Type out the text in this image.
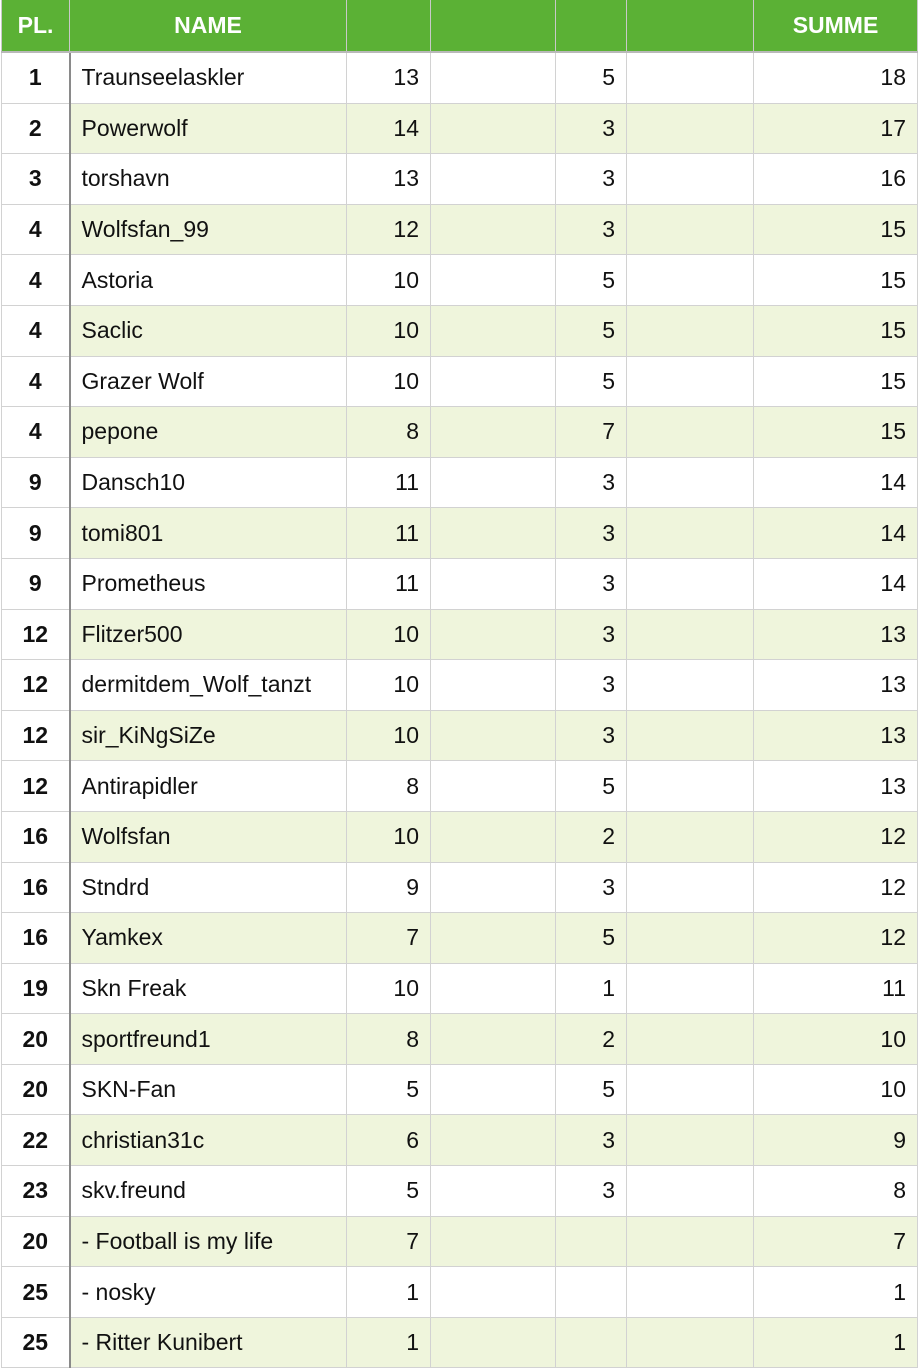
PL.	NAME					SUMME
1	Traunseelaskler	13		5		18
2	Powerwolf	14		3		17
3	torshavn	13		3		16
4	Wolfsfan_99	12		3		15
4	Astoria	10		5		15
4	Saclic	10		5		15
4	Grazer Wolf	10		5		15
4	pepone	8		7		15
9	Dansch10	11		3		14
9	tomi801	11		3		14
9	Prometheus	11		3		14
12	Flitzer500	10		3		13
12	dermitdem_Wolf_tanzt	10		3		13
12	sir_KiNgSiZe	10		3		13
12	Antirapidler	8		5		13
16	Wolfsfan	10		2		12
16	Stndrd	9		3		12
16	Yamkex	7		5		12
19	Skn Freak	10		1		11
20	sportfreund1	8		2		10
20	SKN-Fan	5		5		10
22	christian31c	6		3		9
23	skv.freund	5		3		8
20	- Football is my life	7				7
25	- nosky	1				1
25	- Ritter Kunibert	1				1
